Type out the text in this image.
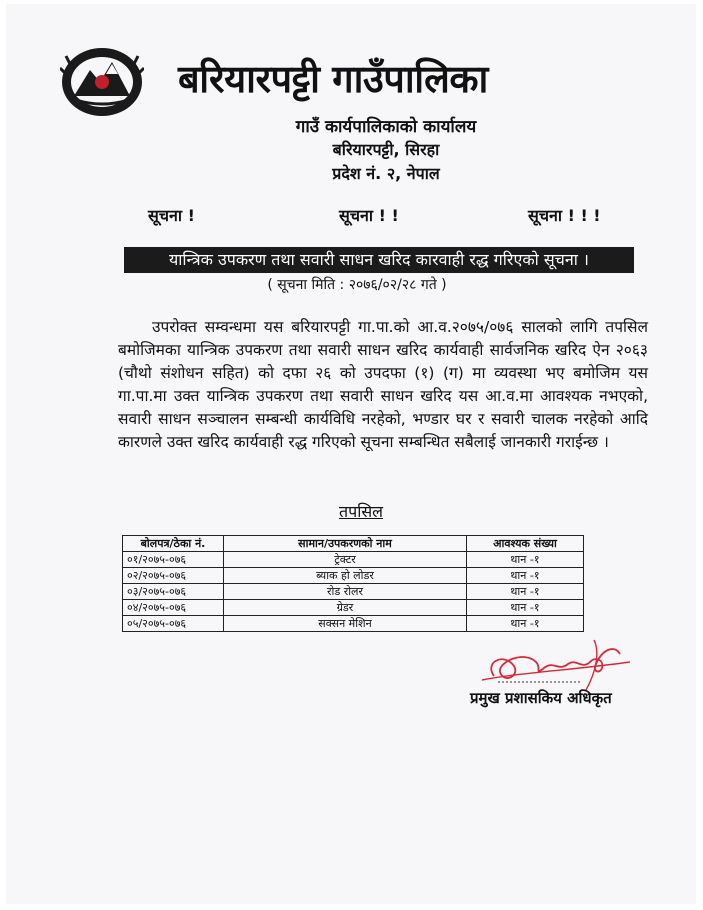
बरियारपट्टी गाउँपालिका
गाउँ कार्यपालिकाको कार्यालय
बरियारपट्टी, सिरहा
प्रदेश नं. २, नेपाल
सूचना !	सूचना ! !	सूचना ! ! !
यान्त्रिक उपकरण तथा सवारी साधन खरिद कारवाही रद्ध गरिएको सूचना ।
( सूचना मिति : २०७६/०२/२८ गते )
उपरोक्त सम्वन्धमा यस बरियारपट्टी गा.पा.को आ.व.२०७५/०७६ सालको लागि तपसिल बमोजिमका यान्त्रिक उपकरण तथा सवारी साधन खरिद कार्यवाही सार्वजनिक खरिद ऐन २०६३ (चौथो संशोधन सहित) को दफा २६ को उपदफा (१) (ग) मा व्यवस्था भए बमोजिम यस गा.पा.मा उक्त यान्त्रिक उपकरण तथा सवारी साधन खरिद यस आ.व.मा आवश्यक नभएको, सवारी साधन सञ्चालन सम्बन्धी कार्यविधि नरहेको, भण्डार घर र सवारी चालक नरहेको आदि कारणले उक्त खरिद कार्यवाही रद्ध गरिएको सूचना सम्बन्धित सबैलाई जानकारी गराईन्छ ।
तपसिल
बोलपत्र/ठेका नं.	सामान/उपकरणको नाम	आवश्यक संख्या
०१/२०७५-०७६	ट्रेक्टर	थान -१
०२/२०७५-०७६	ब्याक हो लोडर	थान -१
०३/२०७५-०७६	रोड रोलर	थान -१
०४/२०७५-०७६	ग्रेडर	थान -१
०५/२०७५-०७६	सक्सन मेशिन	थान -१
प्रमुख प्रशासकिय अधिकृत
